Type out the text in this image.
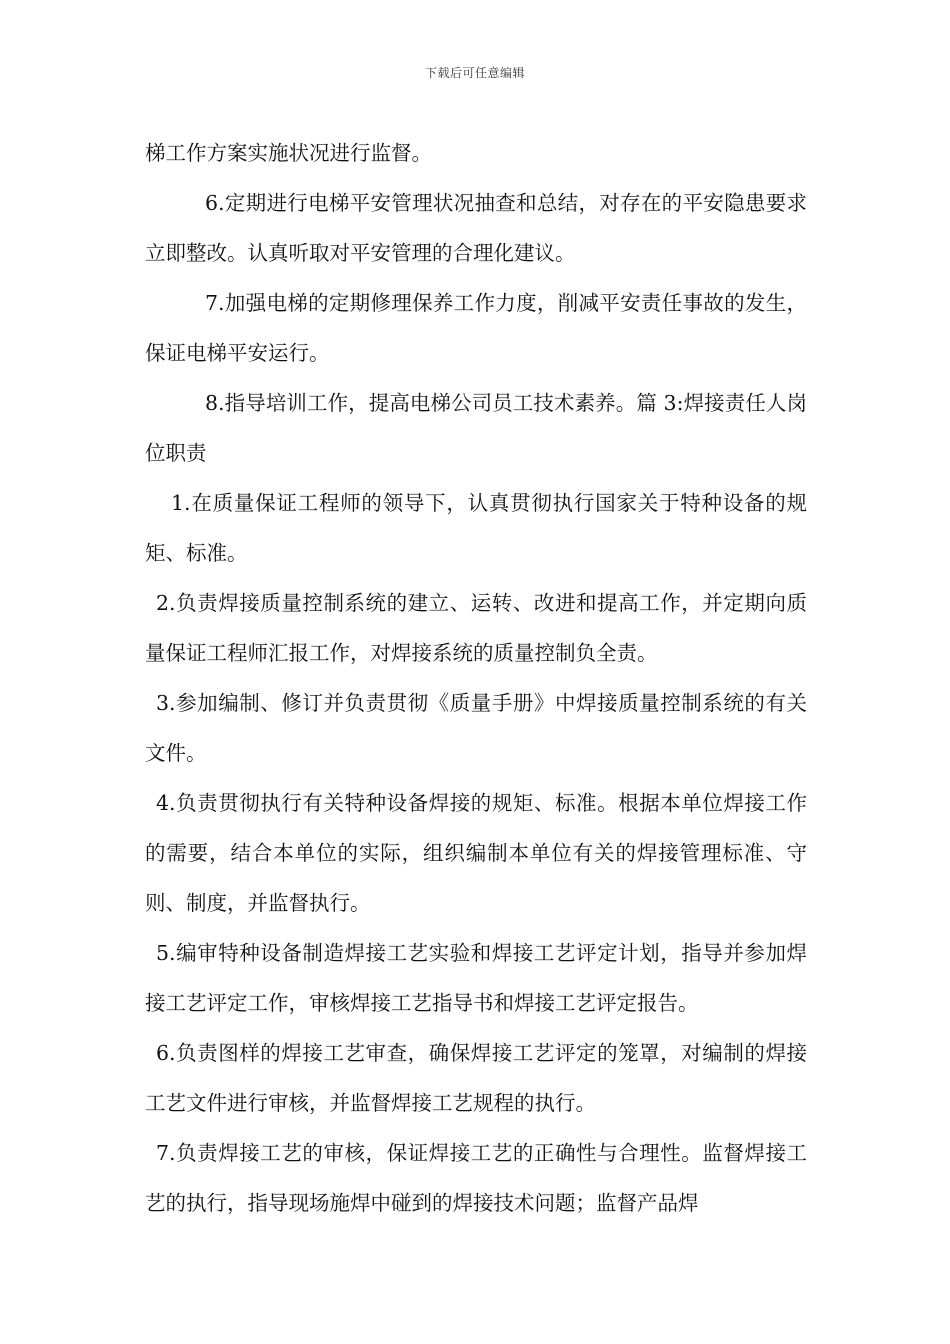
下载后可任意编辑

梯工作方案实施状况进行监督。

6.定期进行电梯平安管理状况抽查和总结，对存在的平安隐患要求立即整改。认真听取对平安管理的合理化建议。

7.加强电梯的定期修理保养工作力度，削减平安责任事故的发生，保证电梯平安运行。

8.指导培训工作，提高电梯公司员工技术素养。篇 3:焊接责任人岗位职责

1.在质量保证工程师的领导下，认真贯彻执行国家关于特种设备的规矩、标准。

2.负责焊接质量控制系统的建立、运转、改进和提高工作，并定期向质量保证工程师汇报工作，对焊接系统的质量控制负全责。

3.参加编制、修订并负责贯彻《质量手册》中焊接质量控制系统的有关文件。

4.负责贯彻执行有关特种设备焊接的规矩、标准。根据本单位焊接工作的需要，结合本单位的实际，组织编制本单位有关的焊接管理标准、守则、制度，并监督执行。

5.编审特种设备制造焊接工艺实验和焊接工艺评定计划，指导并参加焊接工艺评定工作，审核焊接工艺指导书和焊接工艺评定报告。

6.负责图样的焊接工艺审查，确保焊接工艺评定的笼罩，对编制的焊接工艺文件进行审核，并监督焊接工艺规程的执行。

7.负责焊接工艺的审核，保证焊接工艺的正确性与合理性。监督焊接工艺的执行，指导现场施焊中碰到的焊接技术问题；监督产品焊
